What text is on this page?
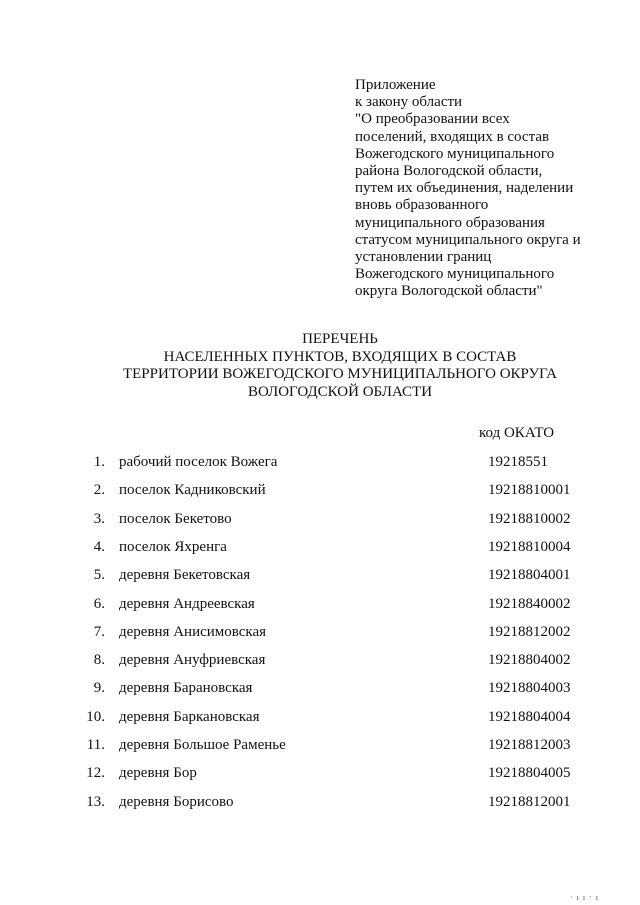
Приложение
к закону области
"О преобразовании всех
поселений, входящих в состав
Вожегодского муниципального
района Вологодской области,
путем их объединения, наделении
вновь образованного
муниципального образования
статусом муниципального округа и
установлении границ
Вожегодского муниципального
округа Вологодской области"
ПЕРЕЧЕНЬ
НАСЕЛЕННЫХ ПУНКТОВ, ВХОДЯЩИХ В СОСТАВ
ТЕРРИТОРИИ ВОЖЕГОДСКОГО МУНИЦИПАЛЬНОГО ОКРУГА
ВОЛОГОДСКОЙ ОБЛАСТИ
код ОКАТО
1. рабочий поселок Вожега	19218551
2. поселок Кадниковский	19218810001
3. поселок Бекетово	19218810002
4. поселок Яхренга	19218810004
5. деревня Бекетовская	19218804001
6. деревня Андреевская	19218840002
7. деревня Анисимовская	19218812002
8. деревня Ануфриевская	19218804002
9. деревня Барановская	19218804003
10. деревня Баркановская	19218804004
11. деревня Большое Раменье	19218812003
12. деревня Бор	19218804005
13. деревня Борисово	19218812001
· ı ı · ı
